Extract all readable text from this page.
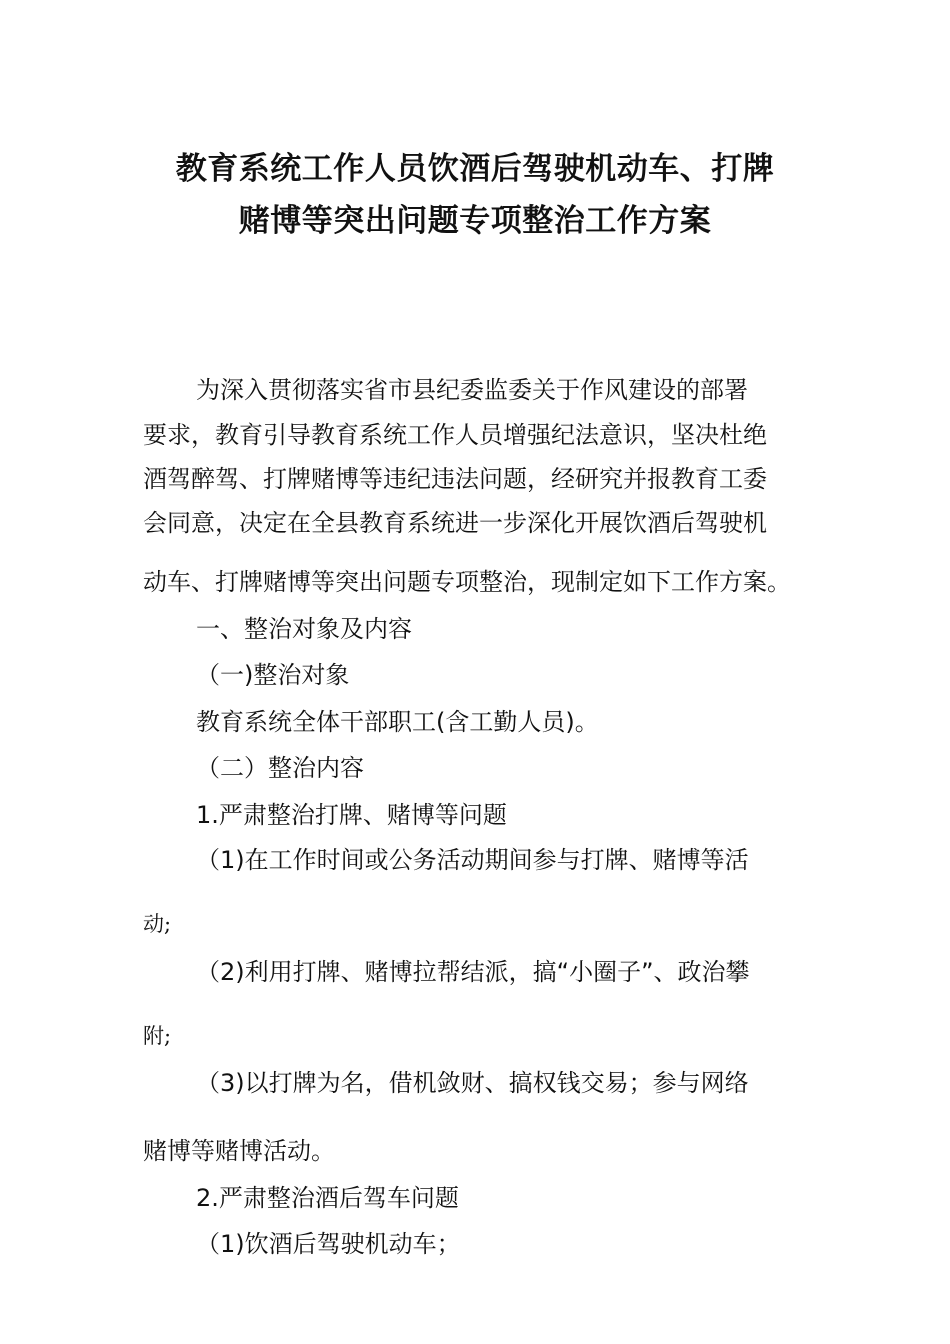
教育系统工作人员饮酒后驾驶机动车、打牌
赌博等突出问题专项整治工作方案
为深入贯彻落实省市县纪委监委关于作风建设的部署
要求，教育引导教育系统工作人员增强纪法意识，坚决杜绝
酒驾醉驾、打牌赌博等违纪违法问题，经研究并报教育工委
会同意，决定在全县教育系统进一步深化开展饮酒后驾驶机
动车、打牌赌博等突出问题专项整治，现制定如下工作方案。
一、整治对象及内容
（一)整治对象
教育系统全体干部职工(含工勤人员)。
（二）整治内容
1.严肃整治打牌、赌博等问题
（1)在工作时间或公务活动期间参与打牌、赌博等活
动;
（2)利用打牌、赌博拉帮结派，搞“小圈子”、政治攀
附;
（3)以打牌为名，借机敛财、搞权钱交易；参与网络
赌博等赌博活动。
2.严肃整治酒后驾车问题
（1)饮酒后驾驶机动车；
